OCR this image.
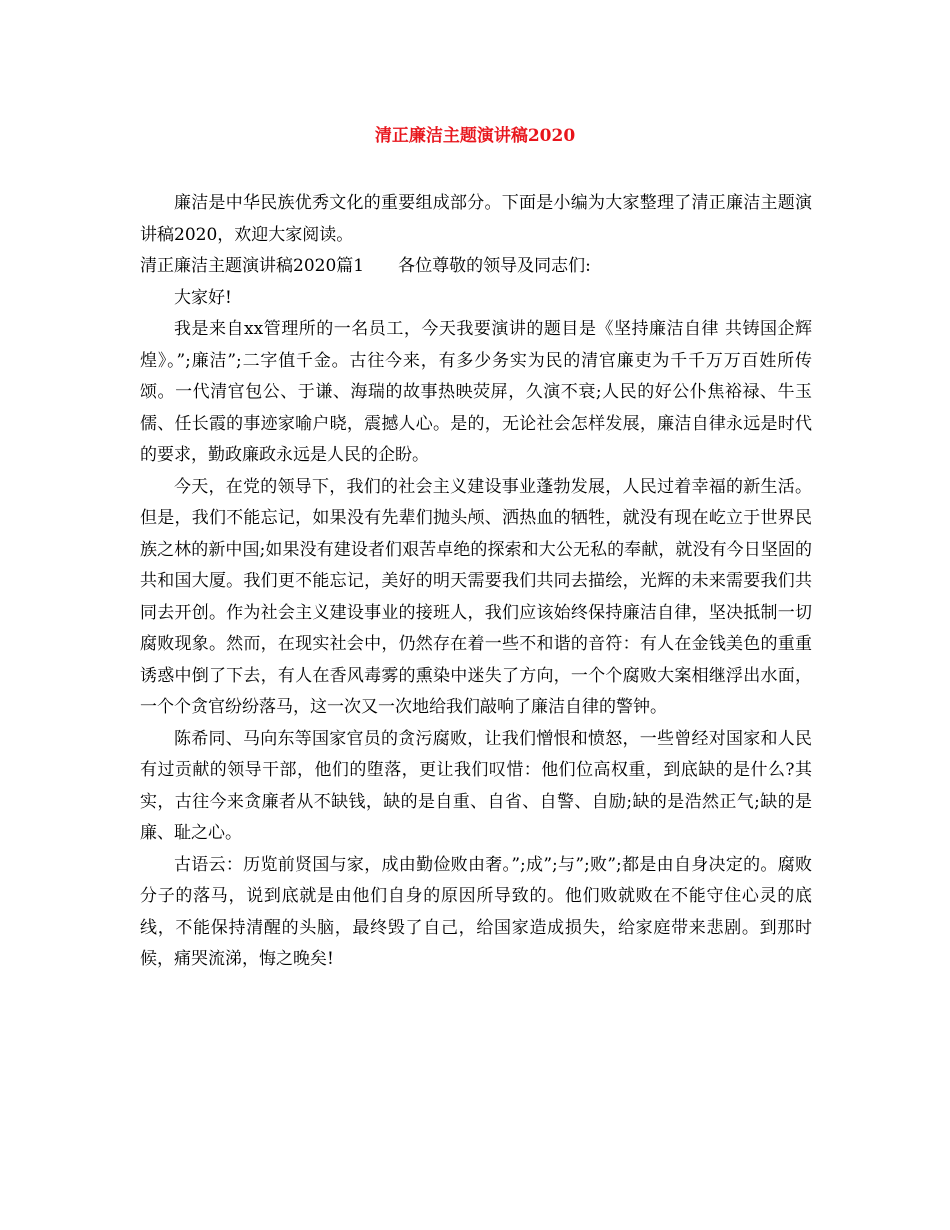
清正廉洁主题演讲稿2020

廉洁是中华民族优秀文化的重要组成部分。下面是小编为大家整理了清正廉洁主题演讲稿2020，欢迎大家阅读。

清正廉洁主题演讲稿2020篇1　　各位尊敬的领导及同志们:

大家好!

我是来自xx管理所的一名员工，今天我要演讲的题目是《坚持廉洁自律 共铸国企辉煌》。”;廉洁”;二字值千金。古往今来，有多少务实为民的清官廉吏为千千万万百姓所传颂。一代清官包公、于谦、海瑞的故事热映荧屏，久演不衰;人民的好公仆焦裕禄、牛玉儒、任长霞的事迹家喻户晓，震撼人心。是的，无论社会怎样发展，廉洁自律永远是时代的要求，勤政廉政永远是人民的企盼。

今天，在党的领导下，我们的社会主义建设事业蓬勃发展，人民过着幸福的新生活。但是，我们不能忘记，如果没有先辈们抛头颅、洒热血的牺牲，就没有现在屹立于世界民族之林的新中国;如果没有建设者们艰苦卓绝的探索和大公无私的奉献，就没有今日坚固的共和国大厦。我们更不能忘记，美好的明天需要我们共同去描绘，光辉的未来需要我们共同去开创。作为社会主义建设事业的接班人，我们应该始终保持廉洁自律，坚决抵制一切腐败现象。然而，在现实社会中，仍然存在着一些不和谐的音符：有人在金钱美色的重重诱惑中倒了下去，有人在香风毒雾的熏染中迷失了方向，一个个腐败大案相继浮出水面，一个个贪官纷纷落马，这一次又一次地给我们敲响了廉洁自律的警钟。

陈希同、马向东等国家官员的贪污腐败，让我们憎恨和愤怒，一些曾经对国家和人民有过贡献的领导干部，他们的堕落，更让我们叹惜：他们位高权重，到底缺的是什么?其实，古往今来贪廉者从不缺钱，缺的是自重、自省、自警、自励;缺的是浩然正气;缺的是廉、耻之心。

古语云：历览前贤国与家，成由勤俭败由奢。”;成”;与”;败”;都是由自身决定的。腐败分子的落马，说到底就是由他们自身的原因所导致的。他们败就败在不能守住心灵的底线，不能保持清醒的头脑，最终毁了自己，给国家造成损失，给家庭带来悲剧。到那时候，痛哭流涕，悔之晚矣!
